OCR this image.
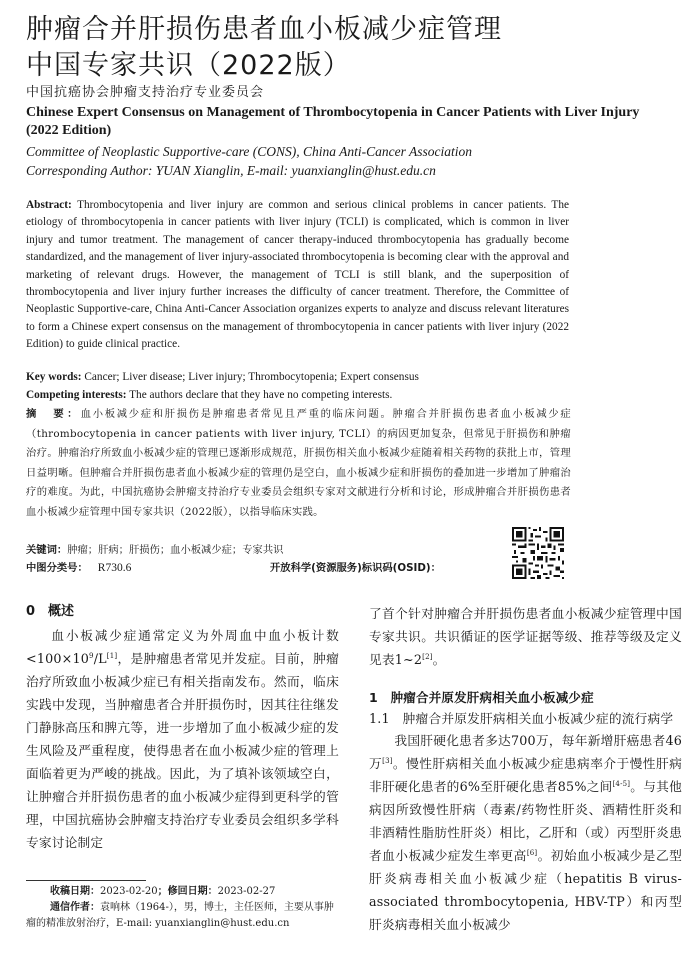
肿瘤合并肝损伤患者血小板减少症管理
中国专家共识（2022版）
中国抗癌协会肿瘤支持治疗专业委员会
Chinese Expert Consensus on Management of Thrombocytopenia in Cancer Patients with Liver Injury (2022 Edition)
Committee of Neoplastic Supportive-care (CONS), China Anti-Cancer Association
Corresponding Author: YUAN Xianglin, E-mail: yuanxianglin@hust.edu.cn
Abstract: Thrombocytopenia and liver injury are common and serious clinical problems in cancer patients. The etiology of thrombocytopenia in cancer patients with liver injury (TCLI) is complicated, which is common in liver injury and tumor treatment. The management of cancer therapy-induced thrombocytopenia has gradually become standardized, and the management of liver injury-associated thrombocytopenia is becoming clear with the approval and marketing of relevant drugs. However, the management of TCLI is still blank, and the superposition of thrombocytopenia and liver injury further increases the difficulty of cancer treatment. Therefore, the Committee of Neoplastic Supportive-care, China Anti-Cancer Association organizes experts to analyze and discuss relevant literatures to form a Chinese expert consensus on the management of thrombocytopenia in cancer patients with liver injury (2022 Edition) to guide clinical practice.
Key words: Cancer; Liver disease; Liver injury; Thrombocytopenia; Expert consensus
Competing interests: The authors declare that they have no competing interests.
摘　要：血小板减少症和肝损伤是肿瘤患者常见且严重的临床问题。肿瘤合并肝损伤患者血小板减少症（thrombocytopenia in cancer patients with liver injury, TCLI）的病因更加复杂，但常见于肝损伤和肿瘤治疗。肿瘤治疗所致血小板减少症的管理已逐渐形成规范，肝损伤相关血小板减少症随着相关药物的获批上市，管理日益明晰。但肿瘤合并肝损伤患者血小板减少症的管理仍是空白，血小板减少症和肝损伤的叠加进一步增加了肿瘤治疗的难度。为此，中国抗癌协会肿瘤支持治疗专业委员会组织专家对文献进行分析和讨论，形成肿瘤合并肝损伤患者血小板减少症管理中国专家共识（2022版），以指导临床实践。
关键词：肿瘤；肝病；肝损伤；血小板减少症；专家共识
中图分类号： R730.6	开放科学(资源服务)标识码(OSID)：
0　概述

血小板减少症通常定义为外周血中血小板计数$<100\times 10^9/L[1]$，是肿瘤患者常见并发症。目前，肿瘤治疗所致血小板减少症已有相关指南发布。然而，临床实践中发现，当肿瘤患者合并肝损伤时，因其往往继发门静脉高压和脾亢等，进一步增加了血小板减少症的发生风险及严重程度，使得患者在血小板减少症的管理上面临着更为严峻的挑战。因此，为了填补该领域空白，让肿瘤合并肝损伤患者的血小板减少症得到更科学的管理，中国抗癌协会肿瘤支持治疗专业委员会组织多学科专家讨论制定

了首个针对肿瘤合并肝损伤患者血小板减少症管理中国专家共识。共识循证的医学证据等级、推荐等级及定义见表1~2[2]。

1　肿瘤合并原发肝病相关血小板减少症
1.1　肿瘤合并原发肝病相关血小板减少症的流行病学

我国肝硬化患者多达700万，每年新增肝癌患者46万[3]。慢性肝病相关血小板减少症患病率介于慢性肝病非肝硬化患者的6%至肝硬化患者85%之间[4-5]。与其他病因所致慢性肝病（毒素/药物性肝炎、酒精性肝炎和非酒精性脂肪性肝炎）相比，乙肝和（或）丙型肝炎患者血小板减少症发生率更高[6]。初始血小板减少是乙型肝炎病毒相关血小板减少症（hepatitis B virus-associated thrombocytopenia, HBV-TP）和丙型肝炎病毒相关血小板减少

收稿日期：2023-02-20；修回日期：2023-02-27
通信作者：袁响林（1964-），男，博士，主任医师，主要从事肿瘤的精准放射治疗，E-mail: yuanxianglin@hust.edu.cn
